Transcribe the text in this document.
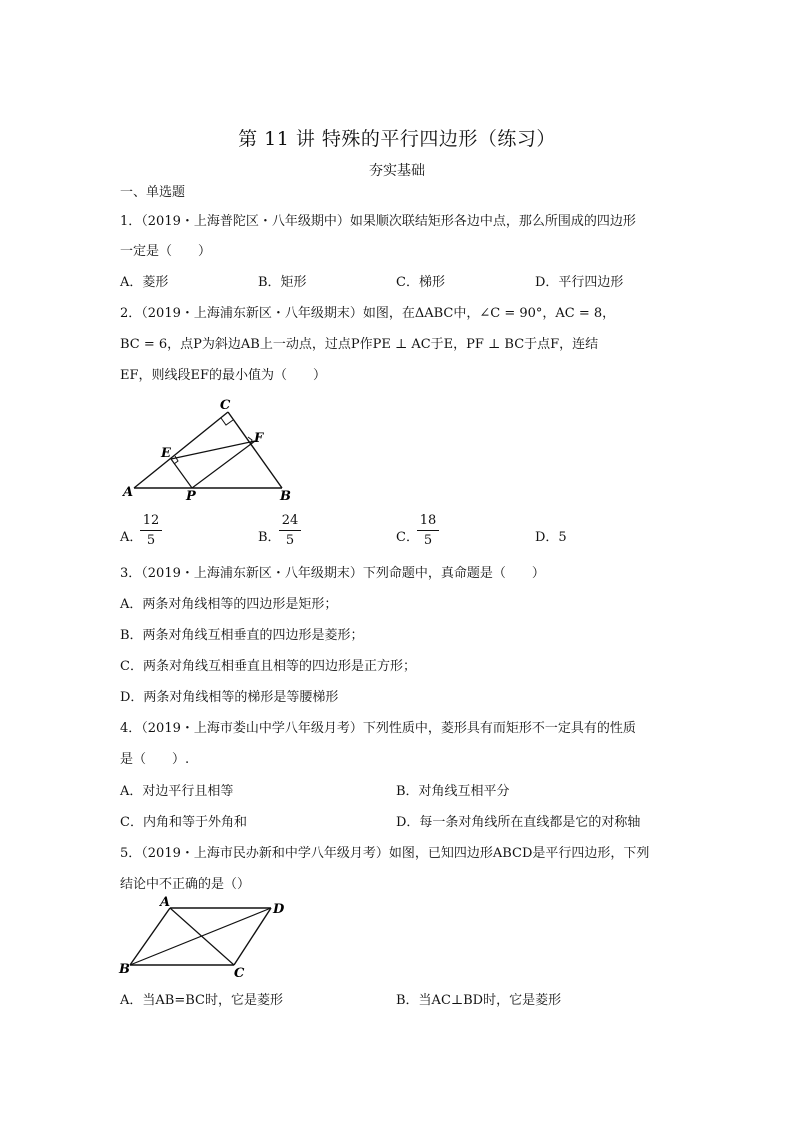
第 11 讲 特殊的平行四边形（练习）
夯实基础
一、单选题
1．（2019・上海普陀区・八年级期中）如果顺次联结矩形各边中点，那么所围成的四边形
一定是（　　）
A．菱形	B．矩形	C．梯形	D．平行四边形
2．（2019・上海浦东新区・八年级期末）如图，在ΔABC中，∠C = 90°，AC = 8，
BC = 6，点P为斜边AB上一动点，过点P作PE ⊥ AC于E，PF ⊥ BC于点F，连结
EF，则线段EF的最小值为（　　）
C
E
F
A	P	B
A．
$\frac{12}{5}$	B．
$\frac{24}{5}$	C．
$\frac{18}{5}$	D．5
3．（2019・上海浦东新区・八年级期末）下列命题中，真命题是（　　）
A．两条对角线相等的四边形是矩形；
B．两条对角线互相垂直的四边形是菱形；
C．两条对角线互相垂直且相等的四边形是正方形；
D．两条对角线相等的梯形是等腰梯形
4．（2019・上海市娄山中学八年级月考）下列性质中，菱形具有而矩形不一定具有的性质
是（　　）.
A．对边平行且相等	B．对角线互相平分
C．内角和等于外角和	D．每一条对角线所在直线都是它的对称轴
5．（2019・上海市民办新和中学八年级月考）如图，已知四边形ABCD是平行四边形，下列
结论中不正确的是（）
A	D
B	C
A．当AB=BC时，它是菱形	B．当AC⊥BD时，它是菱形
